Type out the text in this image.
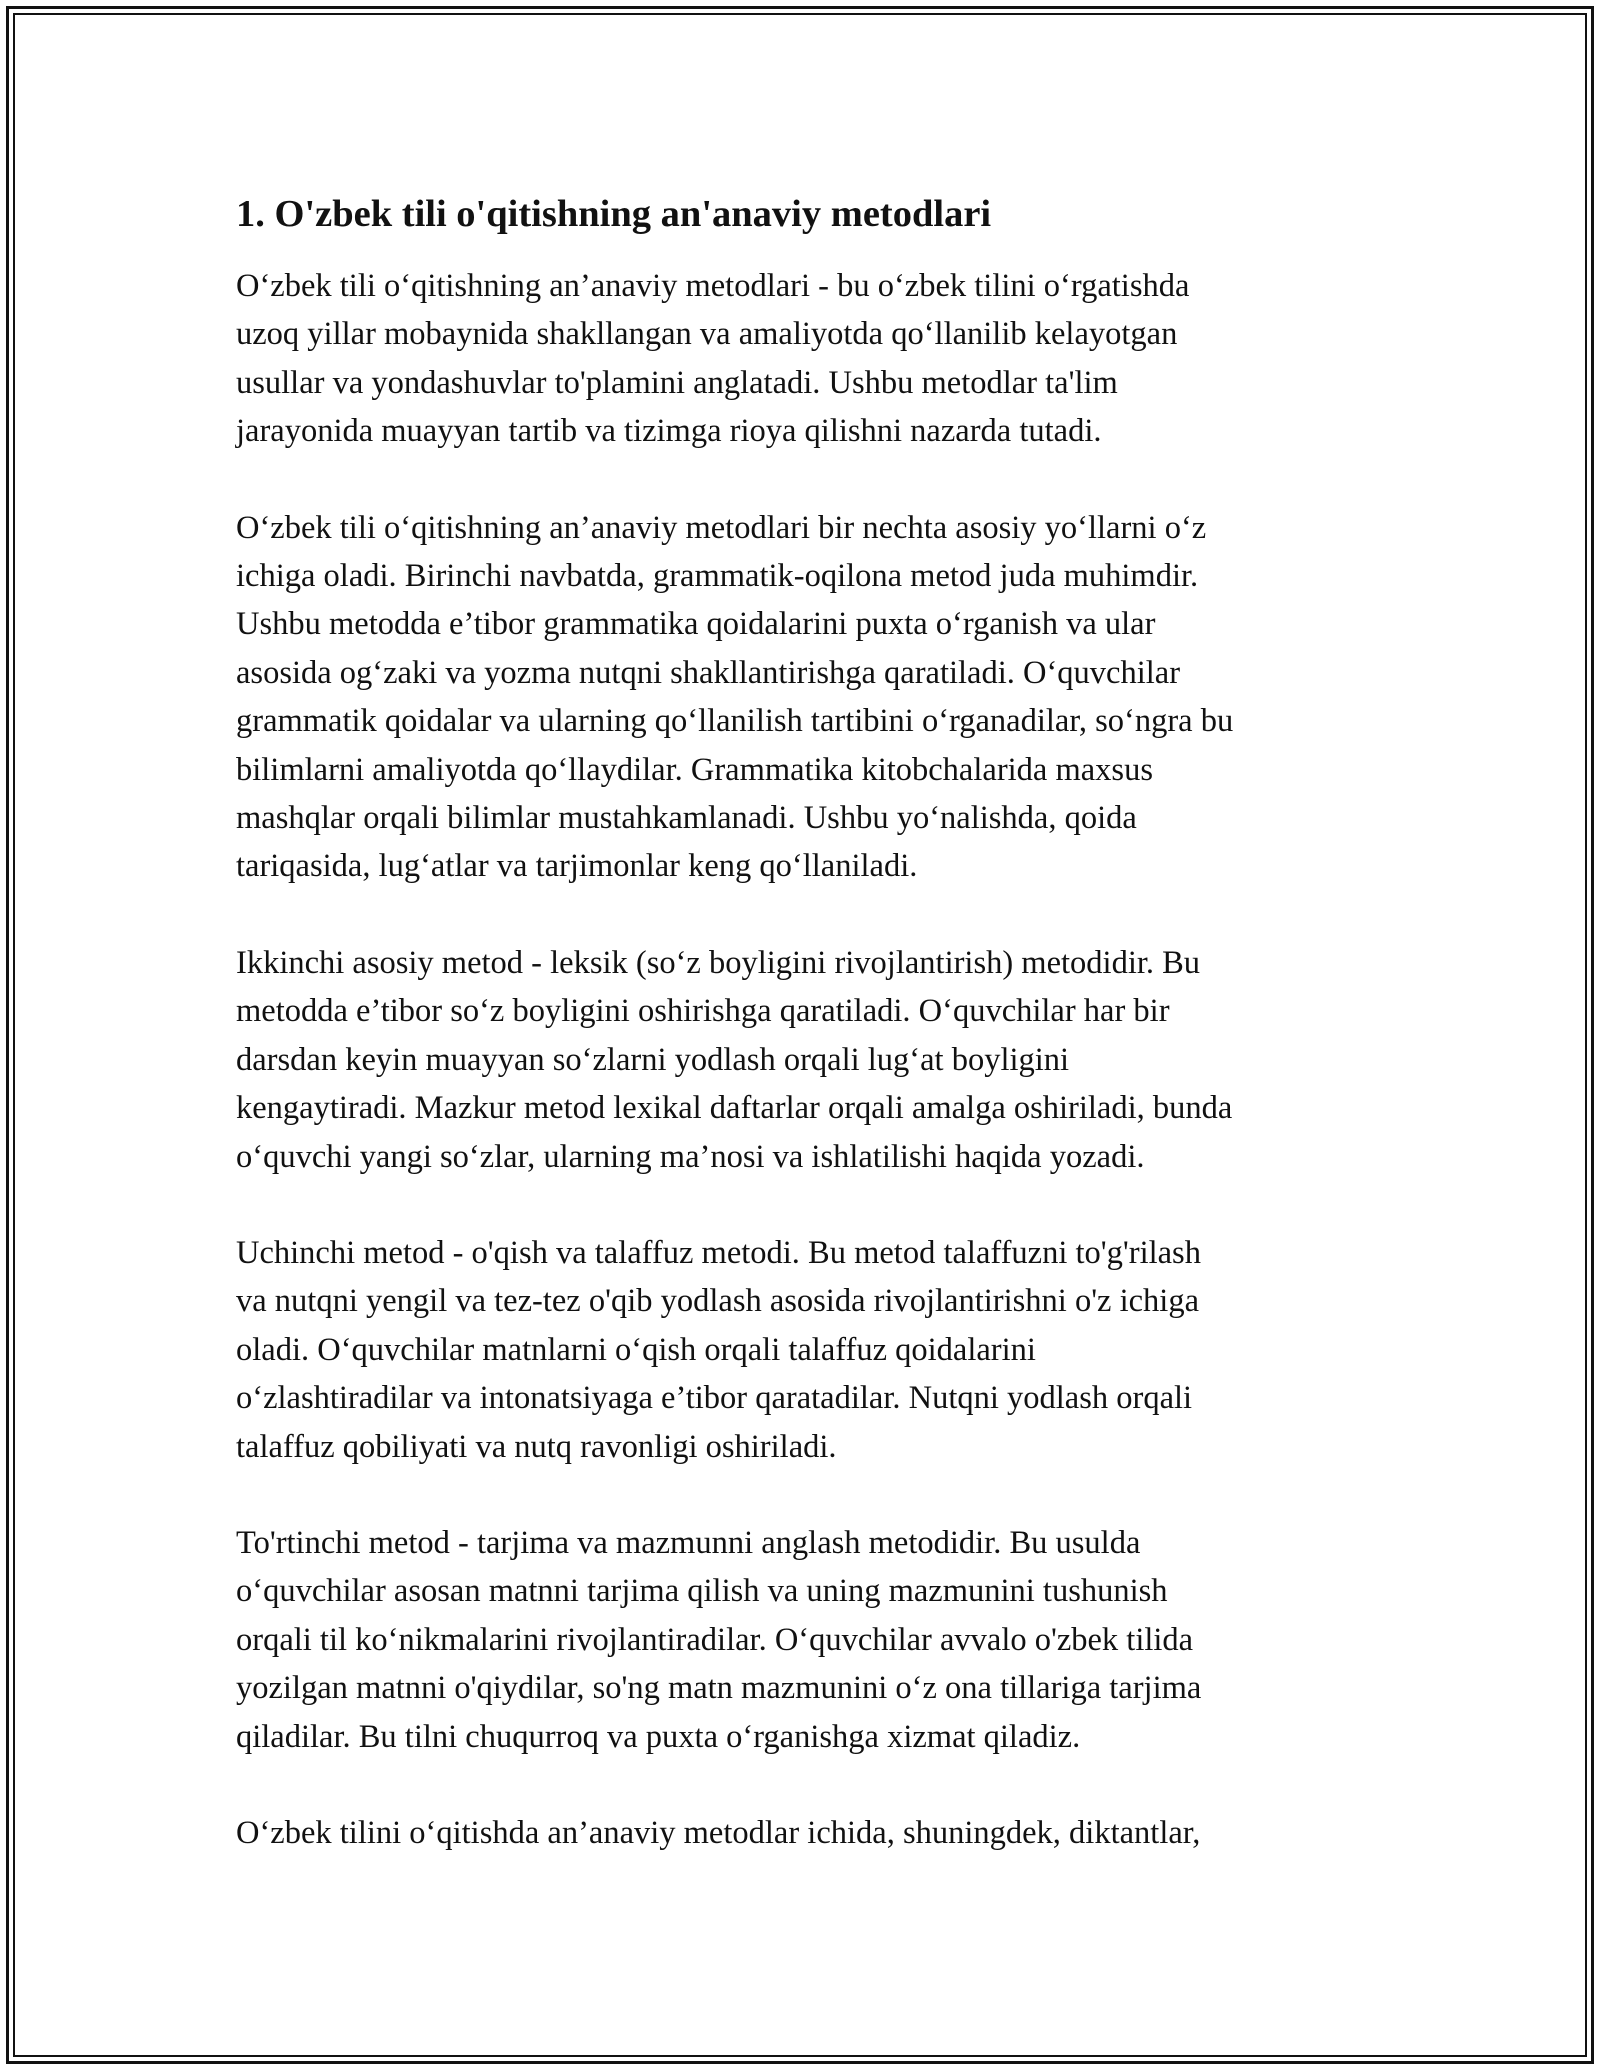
1. O'zbek tili o'qitishning an'anaviy metodlari

O‘zbek tili o‘qitishning an’anaviy metodlari - bu o‘zbek tilini o‘rgatishda
uzoq yillar mobaynida shakllangan va amaliyotda qo‘llanilib kelayotgan
usullar va yondashuvlar to'plamini anglatadi. Ushbu metodlar ta'lim
jarayonida muayyan tartib va tizimga rioya qilishni nazarda tutadi.

O‘zbek tili o‘qitishning an’anaviy metodlari bir nechta asosiy yo‘llarni o‘z
ichiga oladi. Birinchi navbatda, grammatik-oqilona metod juda muhimdir.
Ushbu metodda e’tibor grammatika qoidalarini puxta o‘rganish va ular
asosida og‘zaki va yozma nutqni shakllantirishga qaratiladi. O‘quvchilar
grammatik qoidalar va ularning qo‘llanilish tartibini o‘rganadilar, so‘ngra bu
bilimlarni amaliyotda qo‘llaydilar. Grammatika kitobchalarida maxsus
mashqlar orqali bilimlar mustahkamlanadi. Ushbu yo‘nalishda, qoida
tariqasida, lug‘atlar va tarjimonlar keng qo‘llaniladi.

Ikkinchi asosiy metod - leksik (so‘z boyligini rivojlantirish) metodidir. Bu
metodda e’tibor so‘z boyligini oshirishga qaratiladi. O‘quvchilar har bir
darsdan keyin muayyan so‘zlarni yodlash orqali lug‘at boyligini
kengaytiradi. Mazkur metod lexikal daftarlar orqali amalga oshiriladi, bunda
o‘quvchi yangi so‘zlar, ularning ma’nosi va ishlatilishi haqida yozadi.

Uchinchi metod - o'qish va talaffuz metodi. Bu metod talaffuzni to'g'rilash
va nutqni yengil va tez-tez o'qib yodlash asosida rivojlantirishni o'z ichiga
oladi. O‘quvchilar matnlarni o‘qish orqali talaffuz qoidalarini
o‘zlashtiradilar va intonatsiyaga e’tibor qaratadilar. Nutqni yodlash orqali
talaffuz qobiliyati va nutq ravonligi oshiriladi.

To'rtinchi metod - tarjima va mazmunni anglash metodidir. Bu usulda
o‘quvchilar asosan matnni tarjima qilish va uning mazmunini tushunish
orqali til ko‘nikmalarini rivojlantiradilar. O‘quvchilar avvalo o'zbek tilida
yozilgan matnni o'qiydilar, so'ng matn mazmunini o‘z ona tillariga tarjima
qiladilar. Bu tilni chuqurroq va puxta o‘rganishga xizmat qiladiz.

O‘zbek tilini o‘qitishda an’anaviy metodlar ichida, shuningdek, diktantlar,
